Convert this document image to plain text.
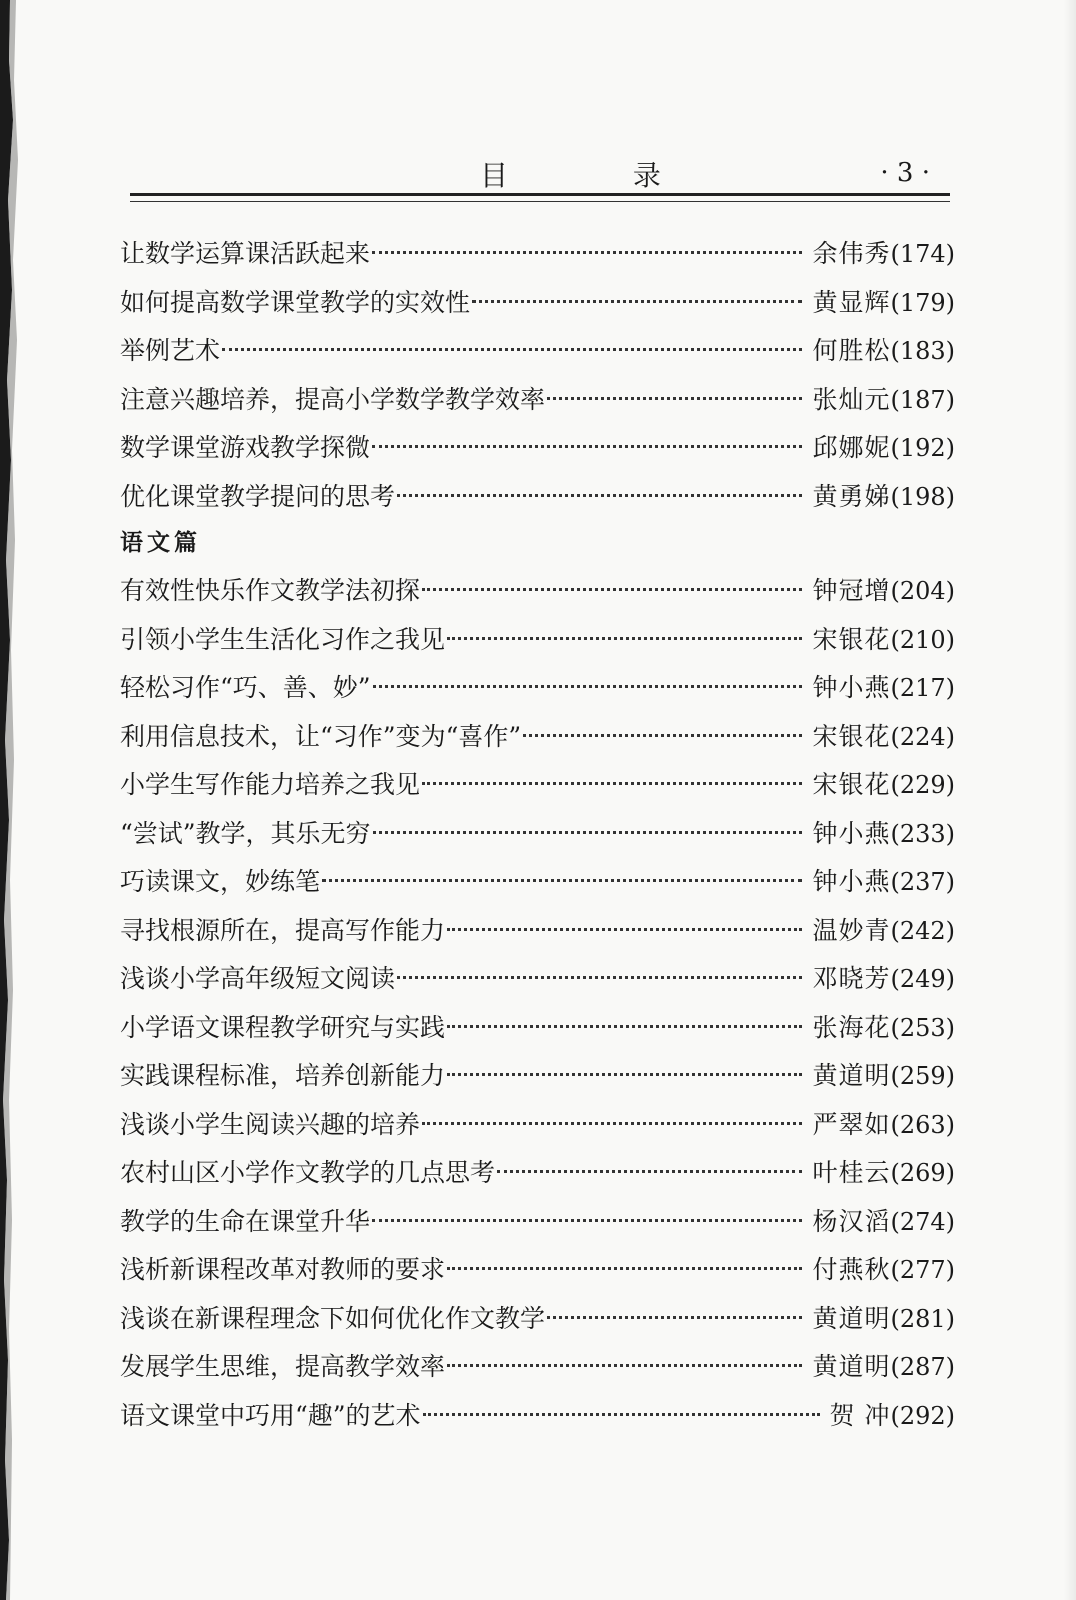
目 录	· 3 ·
让数学运算课活跃起来	余伟秀 (174)
如何提高数学课堂教学的实效性	黄显辉 (179)
举例艺术	何胜松 (183)
注意兴趣培养，提高小学数学教学效率	张灿元 (187)
数学课堂游戏教学探微	邱娜妮 (192)
优化课堂教学提问的思考	黄勇娣 (198)
语文篇
有效性快乐作文教学法初探	钟冠增 (204)
引领小学生生活化习作之我见	宋银花 (210)
轻松习作“巧、善、妙”	钟小燕 (217)
利用信息技术，让“习作”变为“喜作”	宋银花 (224)
小学生写作能力培养之我见	宋银花 (229)
“尝试”教学，其乐无穷	钟小燕 (233)
巧读课文，妙练笔	钟小燕 (237)
寻找根源所在，提高写作能力	温妙青 (242)
浅谈小学高年级短文阅读	邓晓芳 (249)
小学语文课程教学研究与实践	张海花 (253)
实践课程标准，培养创新能力	黄道明 (259)
浅谈小学生阅读兴趣的培养	严翠如 (263)
农村山区小学作文教学的几点思考	叶桂云 (269)
教学的生命在课堂升华	杨汉滔 (274)
浅析新课程改革对教师的要求	付燕秋 (277)
浅谈在新课程理念下如何优化作文教学	黄道明 (281)
发展学生思维，提高教学效率	黄道明 (287)
语文课堂中巧用“趣”的艺术	贺 冲 (292)
